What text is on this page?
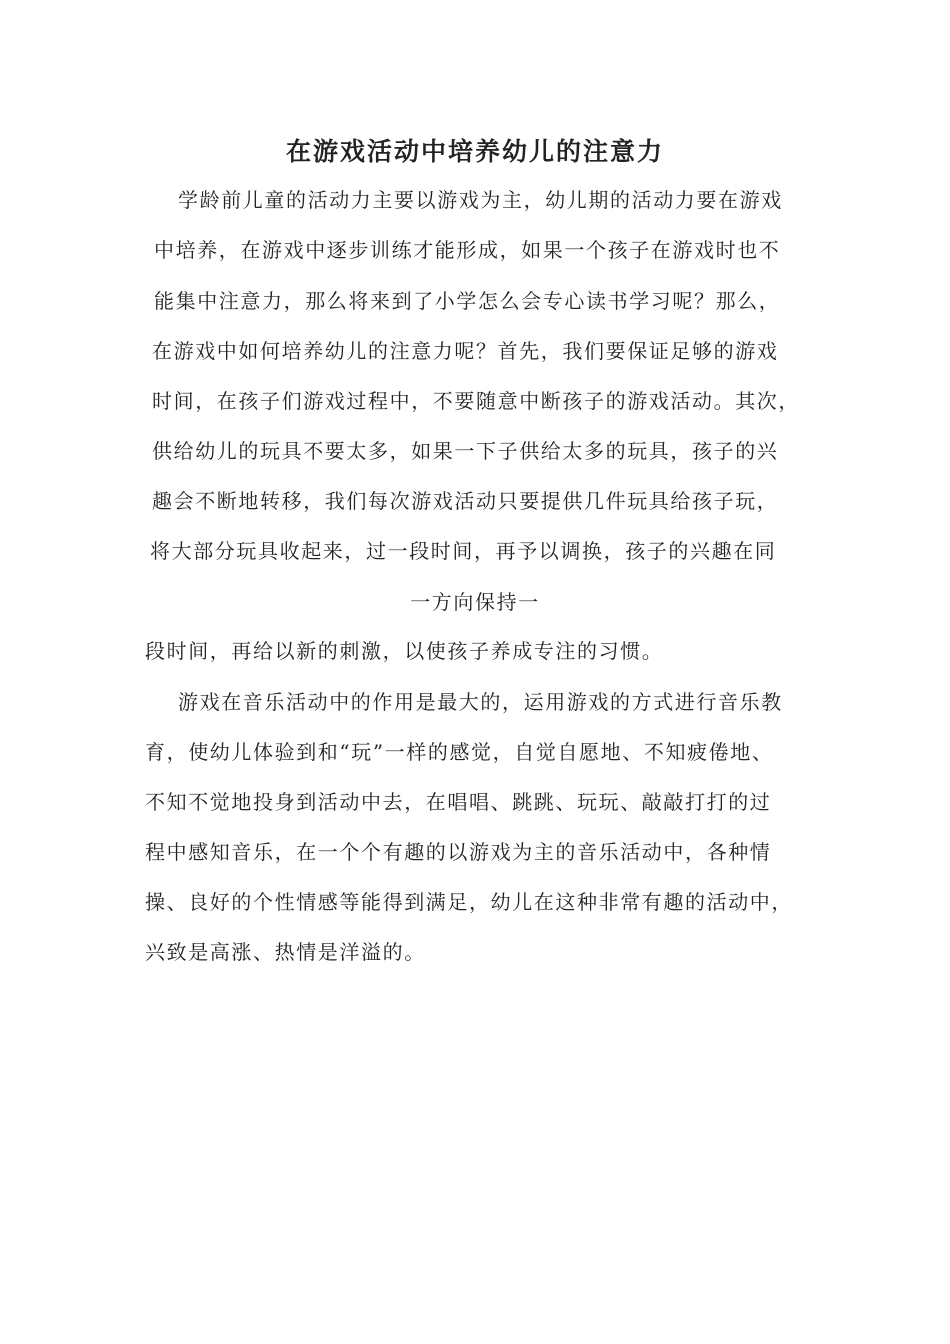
在游戏活动中培养幼儿的注意力
学龄前儿童的活动力主要以游戏为主，幼儿期的活动力要在游戏
中培养，在游戏中逐步训练才能形成，如果一个孩子在游戏时也不
能集中注意力，那么将来到了小学怎么会专心读书学习呢？那么，
在游戏中如何培养幼儿的注意力呢？首先，我们要保证足够的游戏
时间，在孩子们游戏过程中，不要随意中断孩子的游戏活动。其次，
供给幼儿的玩具不要太多，如果一下子供给太多的玩具，孩子的兴
趣会不断地转移，我们每次游戏活动只要提供几件玩具给孩子玩，
将大部分玩具收起来，过一段时间，再予以调换，孩子的兴趣在同
一方向保持一
段时间，再给以新的刺激，以使孩子养成专注的习惯。
游戏在音乐活动中的作用是最大的，运用游戏的方式进行音乐教
育，使幼儿体验到和“玩”一样的感觉，自觉自愿地、不知疲倦地、
不知不觉地投身到活动中去，在唱唱、跳跳、玩玩、敲敲打打的过
程中感知音乐，在一个个有趣的以游戏为主的音乐活动中，各种情
操、良好的个性情感等能得到满足，幼儿在这种非常有趣的活动中，
兴致是高涨、热情是洋溢的。
